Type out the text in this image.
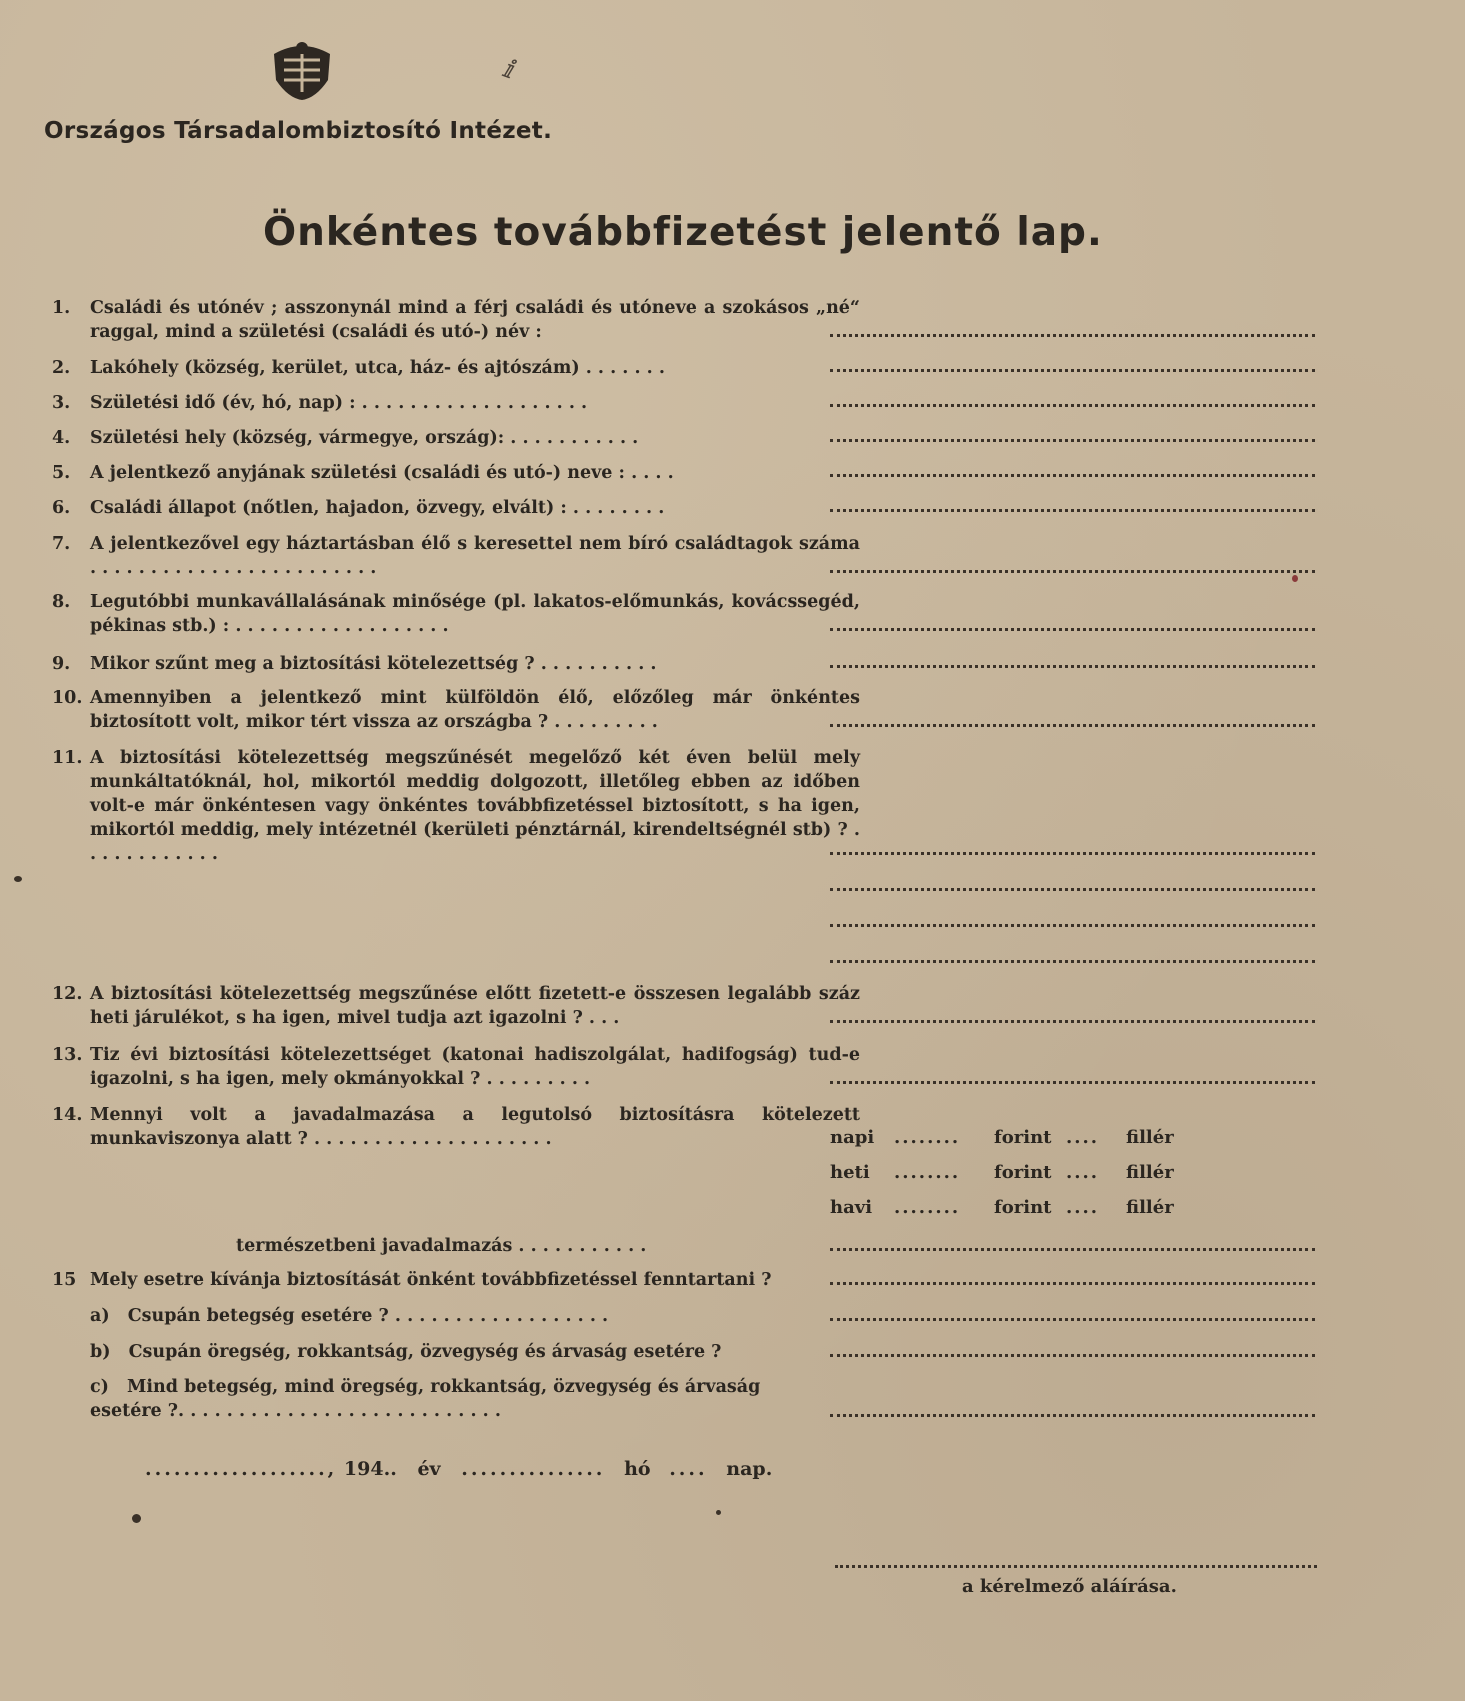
ⅈ
Országos Társadalombiztosító Intézet.
Önkéntes továbbfizetést jelentő lap.
1.	Családi és utónév ; asszonynál mind a férj családi és utóneve a szokásos „né“ raggal, mind a születési (családi és utó-) név :
2.	Lakóhely (község, kerület, utca, ház- és ajtószám) . . . . . . .
3.	Születési idő (év, hó, nap) : . . . . . . . . . . . . . . . . . . .
4.	Születési hely (község, vármegye, ország): . . . . . . . . . . .
5.	A jelentkező anyjának születési (családi és utó-) neve : . . . .
6.	Családi állapot (nőtlen, hajadon, özvegy, elvált) : . . . . . . . .
7.	A jelentkezővel egy háztartásban élő s keresettel nem bíró családtagok száma . . . . . . . . . . . . . . . . . . . . . . . .
8.	Legutóbbi munkavállalásának minősége (pl. lakatos-előmunkás, kovácssegéd, pékinas stb.) : . . . . . . . . . . . . . . . . . .
9.	Mikor szűnt meg a biztosítási kötelezettség ? . . . . . . . . . .
10. Amennyiben a jelentkező mint külföldön élő, előzőleg már önkéntes biztosított volt, mikor tért vissza az országba ? . . . . . . . . .
11. A biztosítási kötelezettség megszűnését megelőző két éven belül mely munkáltatóknál, hol, mikortól meddig dolgozott, illetőleg ebben az időben volt-e már önkéntesen vagy önkéntes továbbfizetéssel biztosított, s ha igen, mikortól meddig, mely intézetnél (kerületi pénztárnál, kirendeltségnél stb) ? . . . . . . . . . . . .
12. A biztosítási kötelezettség megszűnése előtt fizetett-e összesen legalább száz heti járulékot, s ha igen, mivel tudja azt igazolni ? . . .
13. Tiz évi biztosítási kötelezettséget (katonai hadiszolgálat, hadifogság) tud-e igazolni, s ha igen, mely okmányokkal ? . . . . . . . . .
14. Mennyi volt a javadalmazása a legutolsó biztosításra kötelezett munkaviszonya alatt ? . . . . . . . . . . . . . . . . . . . .	napi ........ forint .... fillér
heti ........ forint .... fillér
havi ........ forint .... fillér
természetbeni javadalmazás . . . . . . . . . . .
15 Mely esetre kívánja biztosítását önként továbbfizetéssel fenntartani ?
a) Csupán betegség esetére ? . . . . . . . . . . . . . . . . . .
b) Csupán öregség, rokkantság, özvegység és árvaság esetére ?
c) Mind betegség, mind öregség, rokkantság, özvegység és árvaság esetére ?. . . . . . . . . . . . . . . . . . . . . . . . . . .
..................., 194.. év ............... hó .... nap.
a kérelmező aláírása.
